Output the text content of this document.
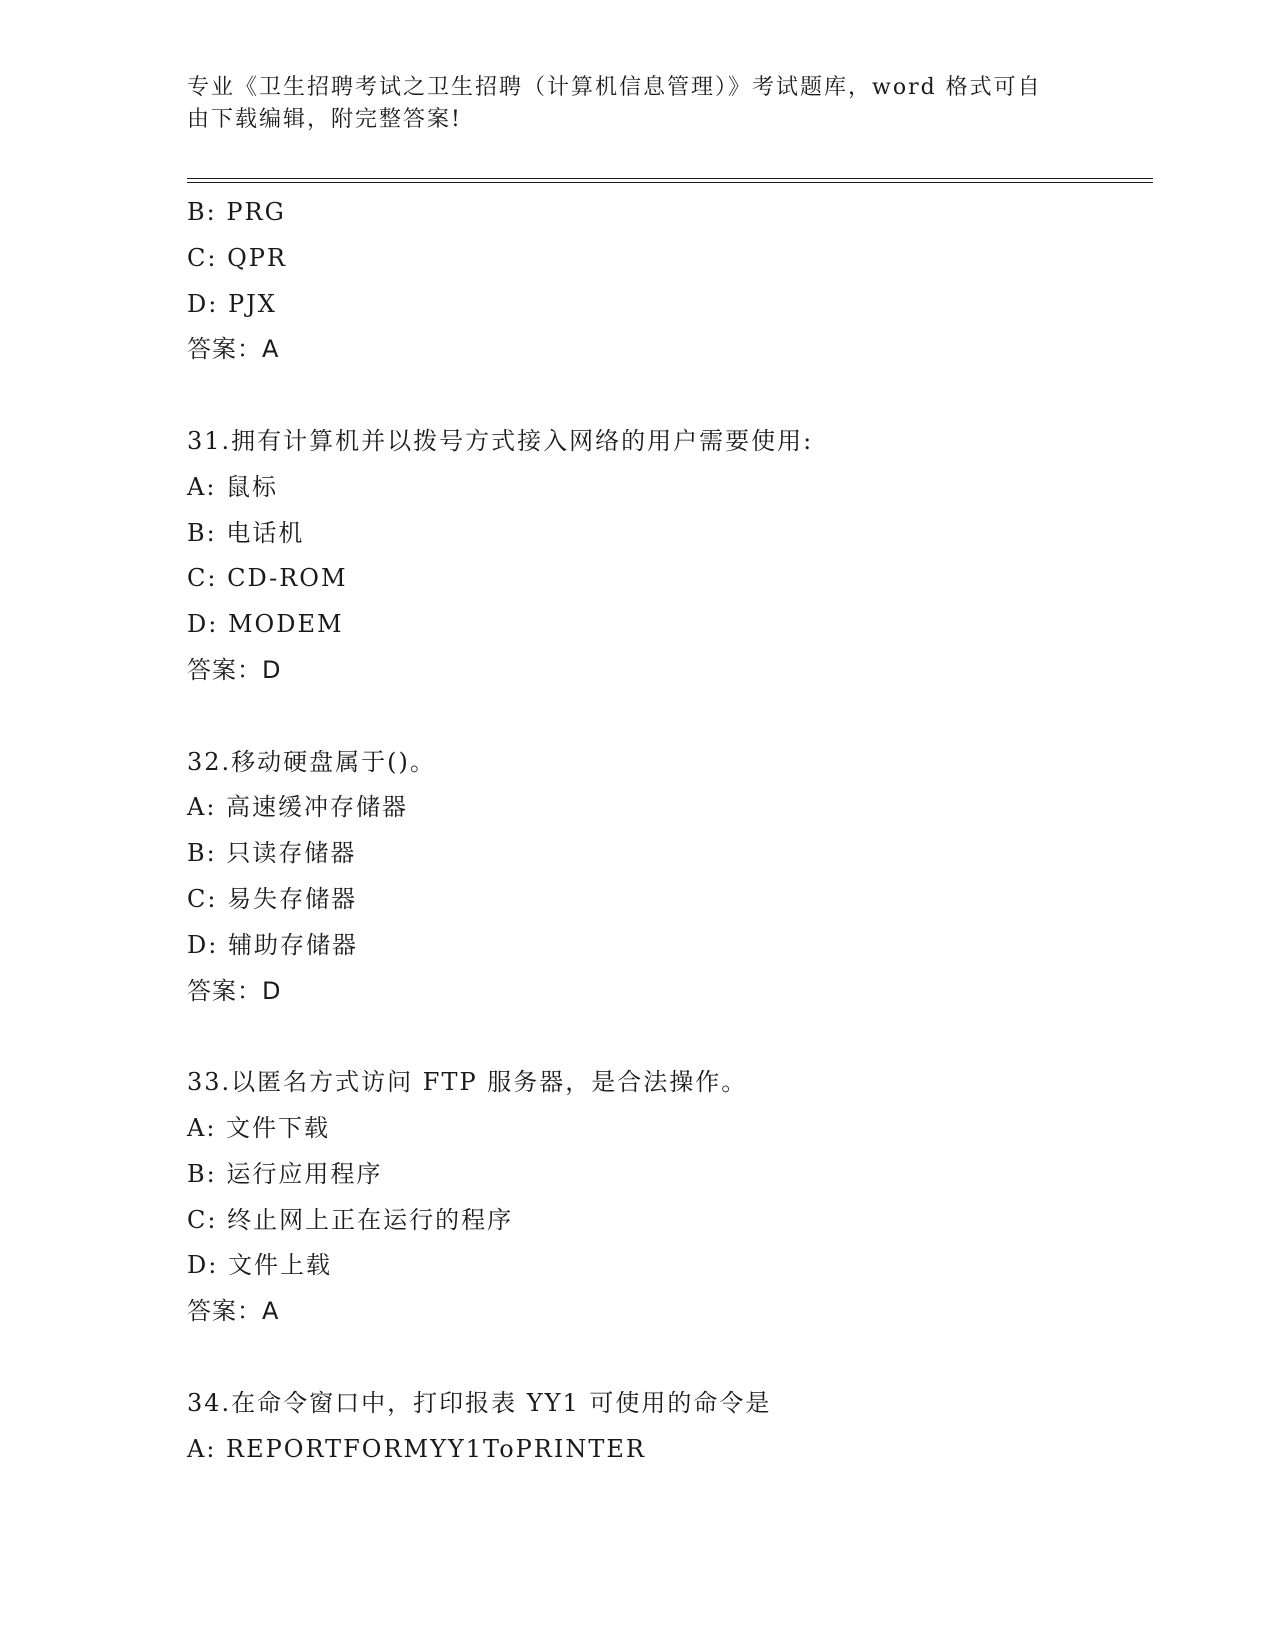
专业《卫生招聘考试之卫生招聘（计算机信息管理）》考试题库，word 格式可自
由下载编辑，附完整答案!
B: PRG
C: QPR
D: PJX
答案：A
31.拥有计算机并以拨号方式接入网络的用户需要使用:
A: 鼠标
B: 电话机
C: CD-ROM
D: MODEM
答案：D
32.移动硬盘属于()。
A: 高速缓冲存储器
B: 只读存储器
C: 易失存储器
D: 辅助存储器
答案：D
33.以匿名方式访问 FTP 服务器，是合法操作。
A: 文件下载
B: 运行应用程序
C: 终止网上正在运行的程序
D: 文件上载
答案：A
34.在命令窗口中，打印报表 YY1 可使用的命令是
A: REPORTFORMYY1ToPRINTER
